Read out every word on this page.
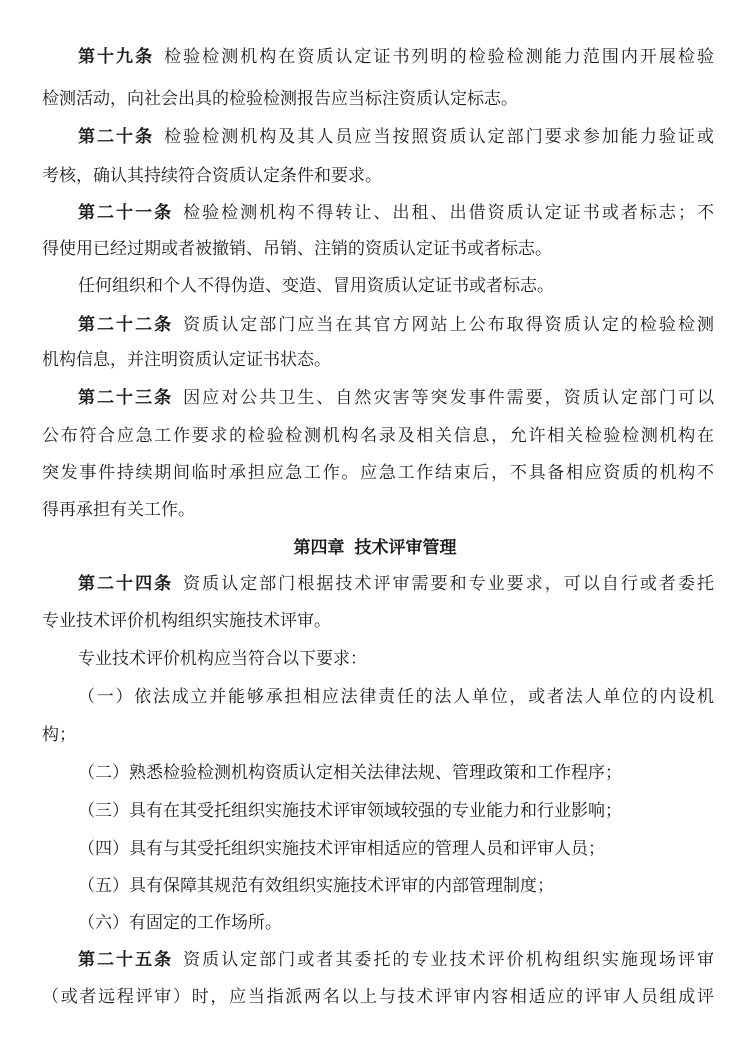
第十九条 检验检测机构在资质认定证书列明的检验检测能力范围内开展检验
检测活动，向社会出具的检验检测报告应当标注资质认定标志。
第二十条 检验检测机构及其人员应当按照资质认定部门要求参加能力验证或
考核，确认其持续符合资质认定条件和要求。
第二十一条 检验检测机构不得转让、出租、出借资质认定证书或者标志；不
得使用已经过期或者被撤销、吊销、注销的资质认定证书或者标志。
任何组织和个人不得伪造、变造、冒用资质认定证书或者标志。
第二十二条 资质认定部门应当在其官方网站上公布取得资质认定的检验检测
机构信息，并注明资质认定证书状态。
第二十三条 因应对公共卫生、自然灾害等突发事件需要，资质认定部门可以
公布符合应急工作要求的检验检测机构名录及相关信息，允许相关检验检测机构在
突发事件持续期间临时承担应急工作。应急工作结束后，不具备相应资质的机构不
得再承担有关工作。
第四章 技术评审管理
第二十四条 资质认定部门根据技术评审需要和专业要求，可以自行或者委托
专业技术评价机构组织实施技术评审。
专业技术评价机构应当符合以下要求：
（一）依法成立并能够承担相应法律责任的法人单位，或者法人单位的内设机
构；
（二）熟悉检验检测机构资质认定相关法律法规、管理政策和工作程序；
（三）具有在其受托组织实施技术评审领域较强的专业能力和行业影响；
（四）具有与其受托组织实施技术评审相适应的管理人员和评审人员；
（五）具有保障其规范有效组织实施技术评审的内部管理制度；
（六）有固定的工作场所。
第二十五条 资质认定部门或者其委托的专业技术评价机构组织实施现场评审
（或者远程评审）时，应当指派两名以上与技术评审内容相适应的评审人员组成评
